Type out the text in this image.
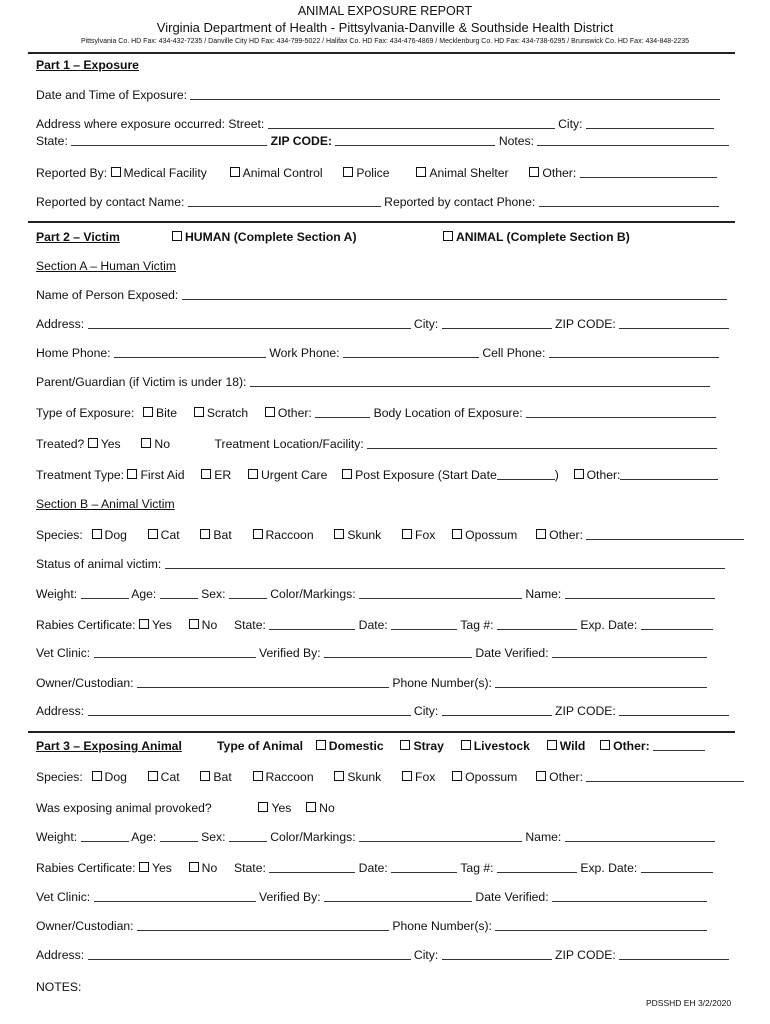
ANIMAL EXPOSURE REPORT
Virginia Department of Health - Pittsylvania-Danville & Southside Health District
Pittsylvania Co. HD Fax: 434-432-7235 / Danville City HD Fax: 434-799-5022 / Halifax Co. HD Fax: 434-476-4869 / Mecklenburg Co. HD Fax: 434-738-6295 / Brunswick Co. HD Fax: 434-848-2235
Part 1 – Exposure
Date and Time of Exposure:
Address where exposure occurred: Street:	City:
State:	ZIP CODE:	Notes:
Reported By: Medical Facility	Animal Control	Police	Animal Shelter	Other:
Reported by contact Name:	Reported by contact Phone:
Part 2 – Victim	HUMAN (Complete Section A)	ANIMAL (Complete Section B)
Section A – Human Victim
Name of Person Exposed:
Address:	City:	ZIP CODE:
Home Phone:	Work Phone:	Cell Phone:
Parent/Guardian (if Victim is under 18):
Type of Exposure: Bite Scratch Other:	Body Location of Exposure:
Treated? Yes	No	Treatment Location/Facility:
Treatment Type: First Aid ER Urgent Care Post Exposure (Start Date	) Other:
Section B – Animal Victim
Species: Dog	Cat	Bat	Raccoon	Skunk	Fox Opossum	Other:
Status of animal victim:
Weight:	Age:	Sex:	Color/Markings:	Name:
Rabies Certificate: Yes No State:	Date:	Tag #:	Exp. Date:
Vet Clinic:	Verified By:	Date Verified:
Owner/Custodian:	Phone Number(s):
Address:	City:	ZIP CODE:
Part 3 – Exposing Animal	Type of Animal Domestic Stray Livestock Wild Other:
Species: Dog	Cat	Bat	Raccoon	Skunk	Fox Opossum	Other:
Was exposing animal provoked?	Yes No
Weight:	Age:	Sex:	Color/Markings:	Name:
Rabies Certificate: Yes No State:	Date:	Tag #:	Exp. Date:
Vet Clinic:	Verified By:	Date Verified:
Owner/Custodian:	Phone Number(s):
Address:	City:	ZIP CODE:
NOTES:
PDSSHD EH 3/2/2020
